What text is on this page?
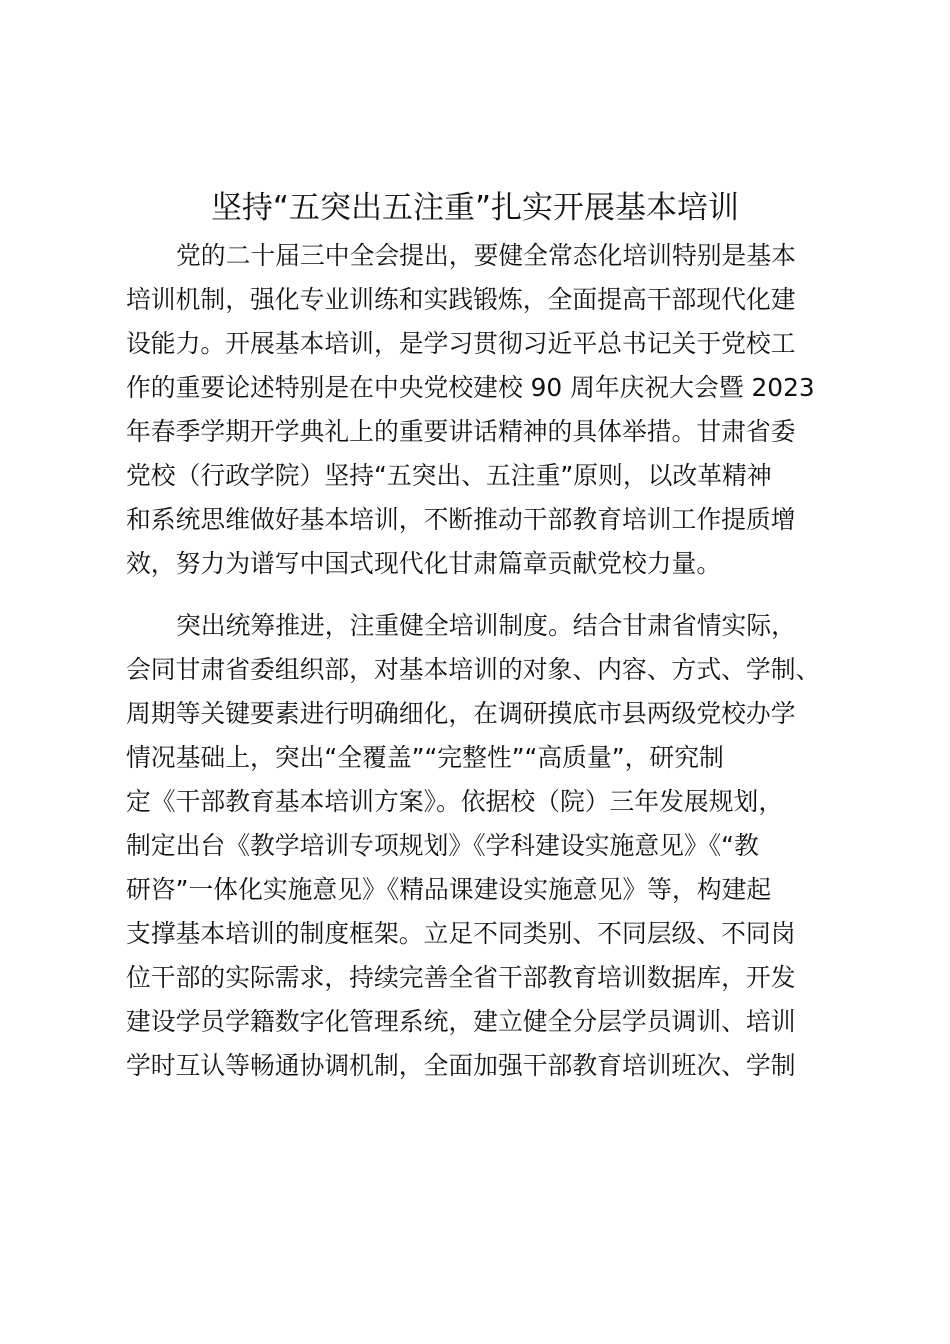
坚持“五突出五注重”扎实开展基本培训
党的二十届三中全会提出，要健全常态化培训特别是基本
培训机制，强化专业训练和实践锻炼，全面提高干部现代化建
设能力。开展基本培训，是学习贯彻习近平总书记关于党校工
作的重要论述特别是在中央党校建校 90 周年庆祝大会暨 2023
年春季学期开学典礼上的重要讲话精神的具体举措。甘肃省委
党校（行政学院）坚持“五突出、五注重”原则，以改革精神
和系统思维做好基本培训，不断推动干部教育培训工作提质增
效，努力为谱写中国式现代化甘肃篇章贡献党校力量。
突出统筹推进，注重健全培训制度。结合甘肃省情实际，
会同甘肃省委组织部，对基本培训的对象、内容、方式、学制、
周期等关键要素进行明确细化，在调研摸底市县两级党校办学
情况基础上，突出“全覆盖”“完整性”“高质量”，研究制
定《干部教育基本培训方案》。依据校（院）三年发展规划，
制定出台《教学培训专项规划》《学科建设实施意见》《“教
研咨”一体化实施意见》《精品课建设实施意见》等，构建起
支撑基本培训的制度框架。立足不同类别、不同层级、不同岗
位干部的实际需求，持续完善全省干部教育培训数据库，开发
建设学员学籍数字化管理系统，建立健全分层学员调训、培训
学时互认等畅通协调机制，全面加强干部教育培训班次、学制
